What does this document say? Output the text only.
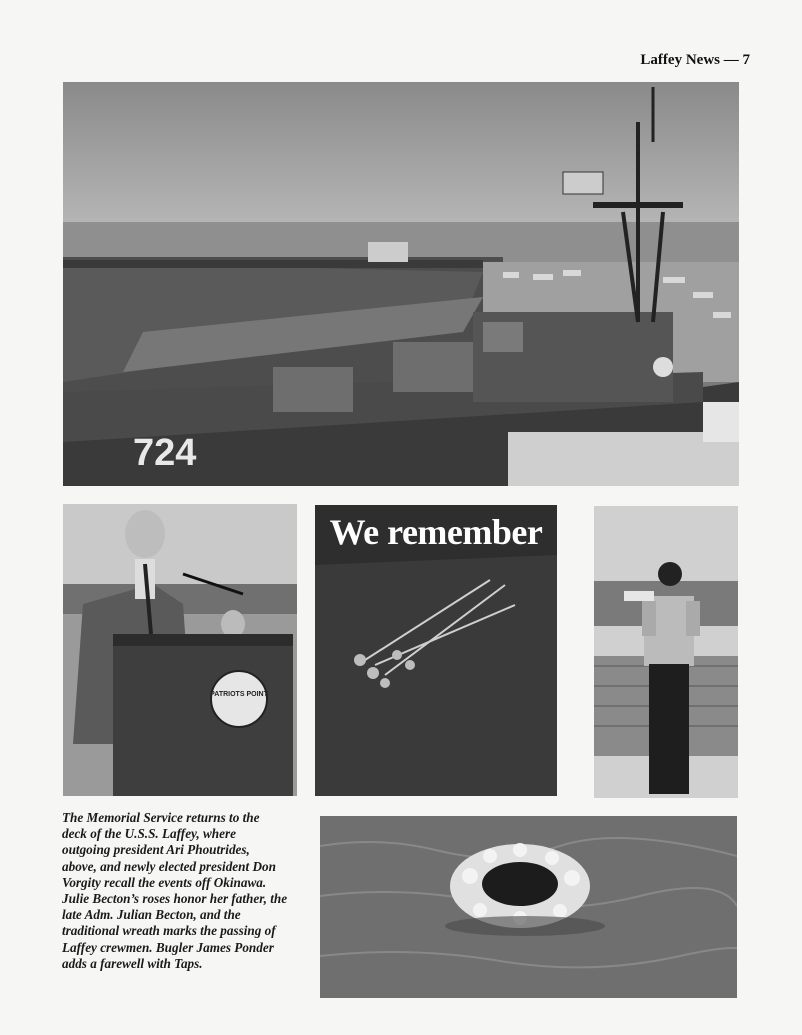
Laffey News — 7
724
PATRIOTS POINT
We remember
The Memorial Service returns to the
deck of the U.S.S. Laffey, where
outgoing president Ari Phoutrides,
above, and newly elected president Don
Vorgity recall the events off Okinawa.
Julie Becton’s roses honor her father, the
late Adm. Julian Becton, and the
traditional wreath marks the passing of
Laffey crewmen. Bugler James Ponder
adds a farewell with Taps.
